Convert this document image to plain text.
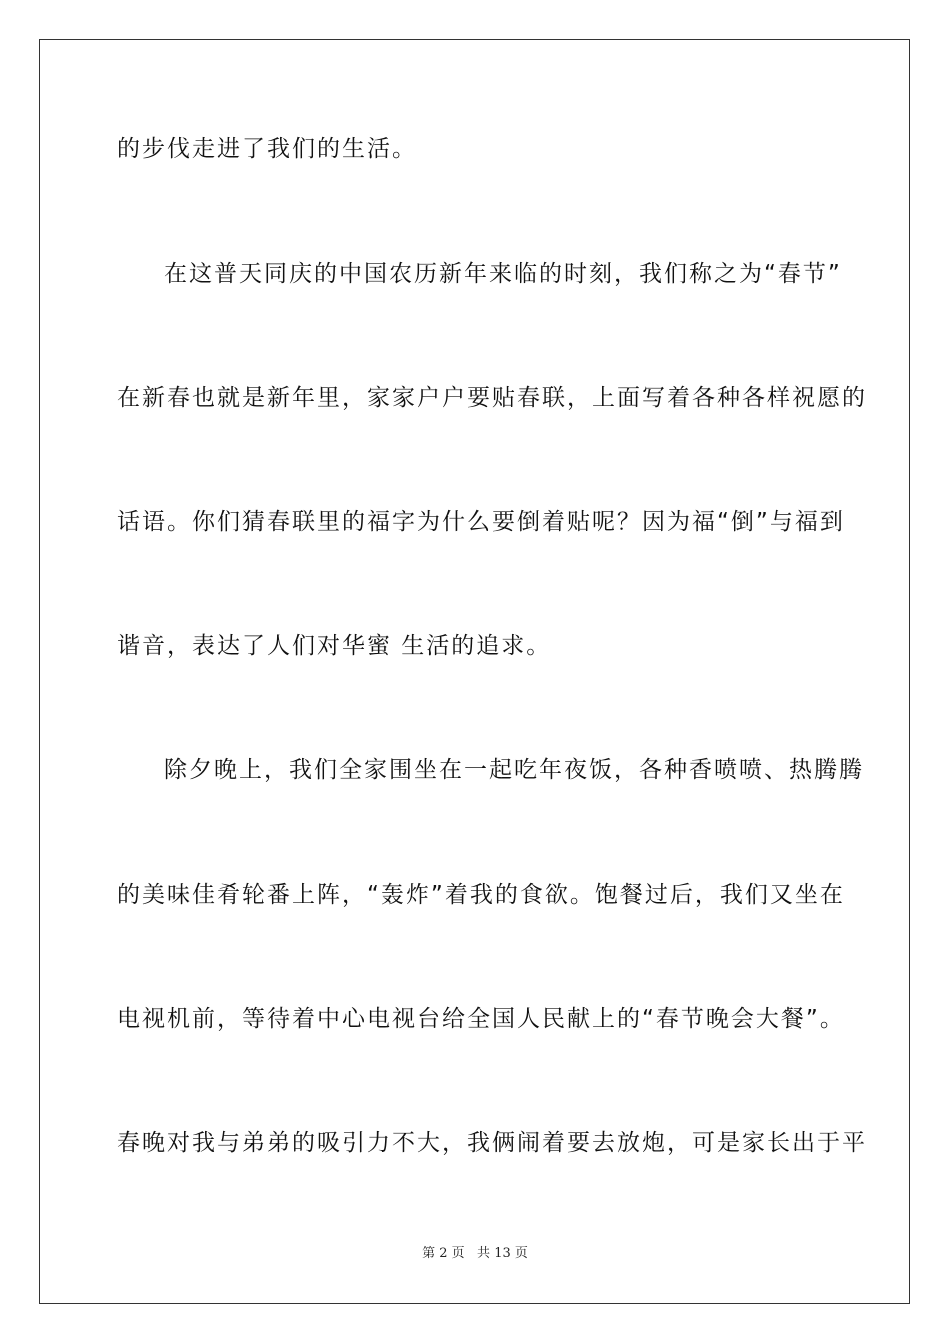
的步伐走进了我们的生活。

在这普天同庆的中国农历新年来临的时刻，我们称之为“春节”

在新春也就是新年里，家家户户要贴春联，上面写着各种各样祝愿的

话语。你们猜春联里的福字为什么要倒着贴呢？因为福“倒”与福到

谐音，表达了人们对华蜜 生活的追求。

除夕晚上，我们全家围坐在一起吃年夜饭，各种香喷喷、热腾腾

的美味佳肴轮番上阵，“轰炸”着我的食欲。饱餐过后，我们又坐在

电视机前，等待着中心电视台给全国人民献上的“春节晚会大餐”。

春晚对我与弟弟的吸引力不大，我俩闹着要去放炮，可是家长出于平

第 2 页   共 13 页
